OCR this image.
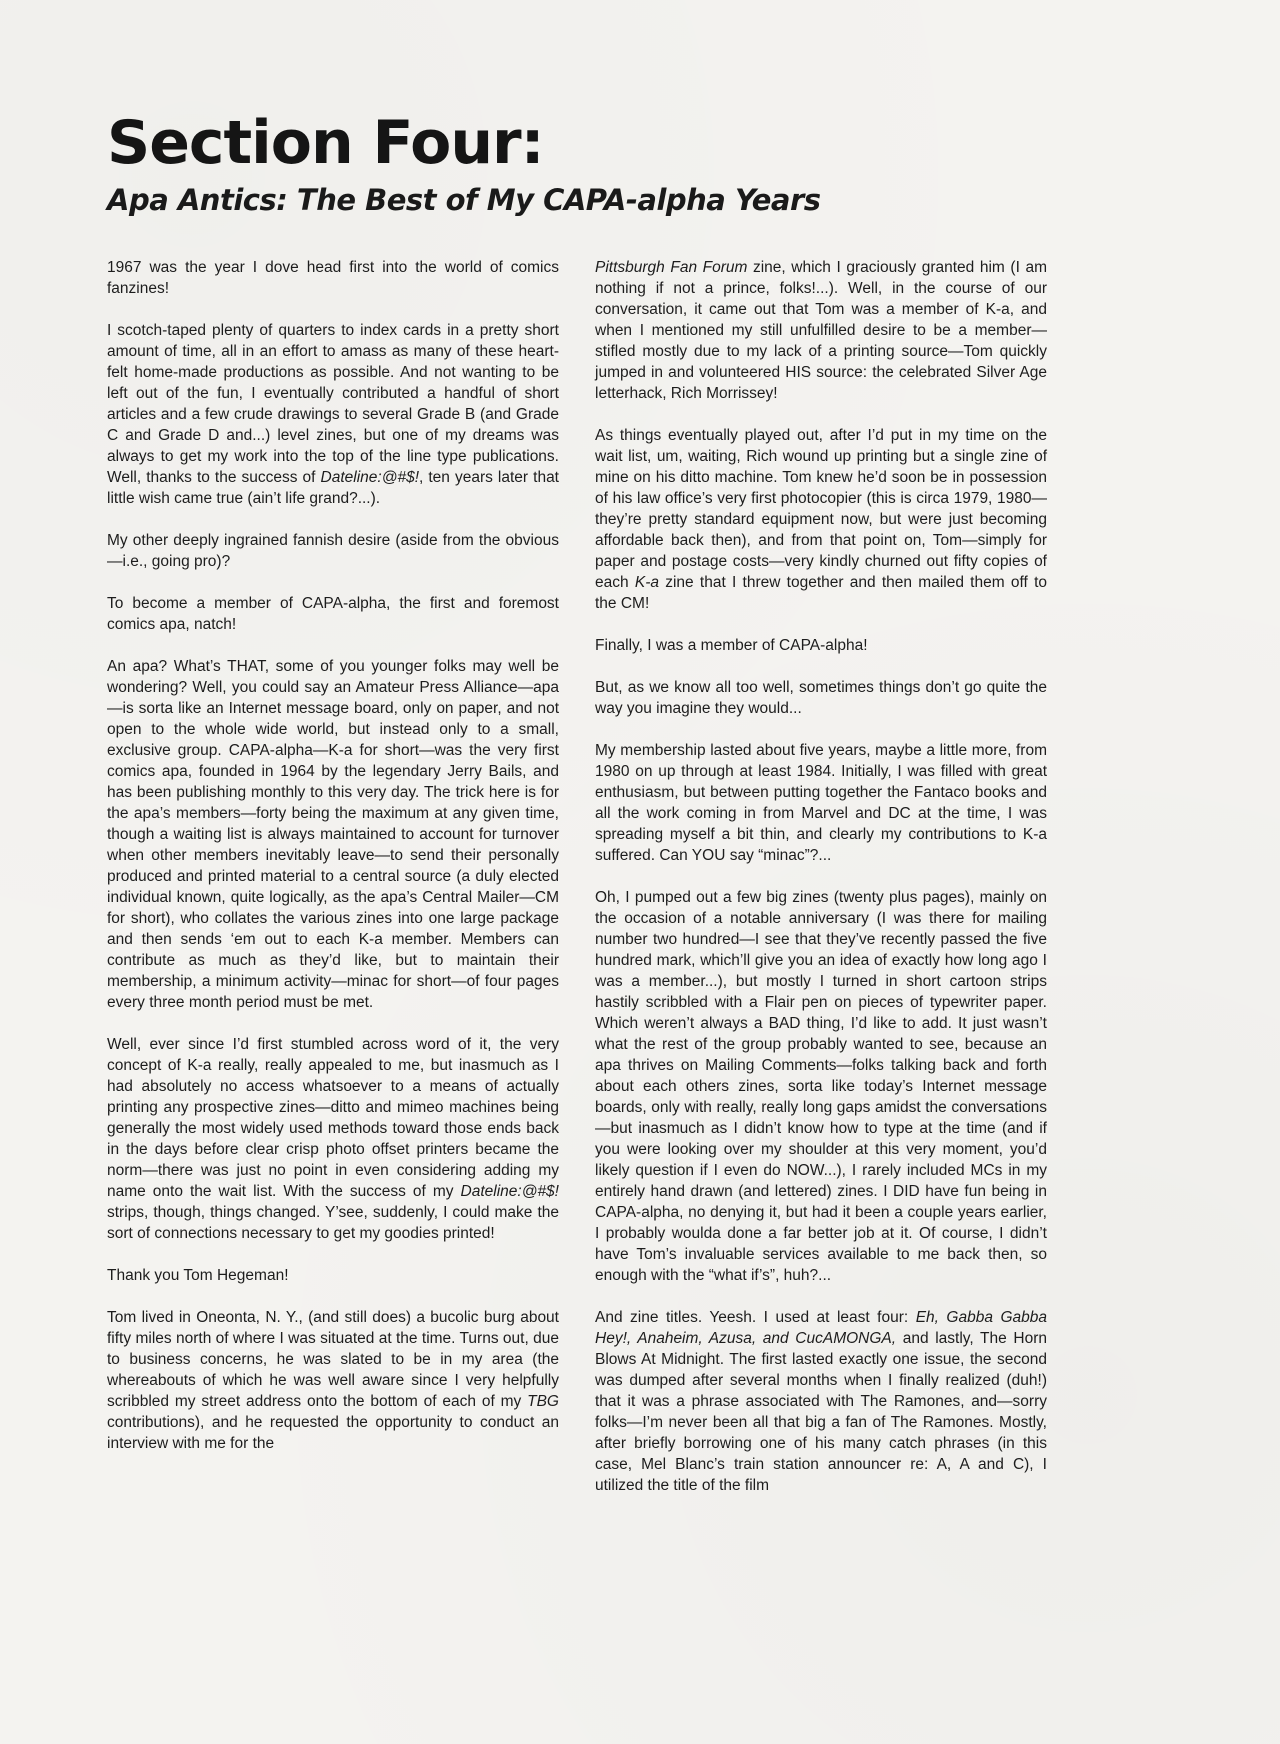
Section Four:
Apa Antics: The Best of My CAPA-alpha Years

1967 was the year I dove head first into the world of comics fanzines!

I scotch-taped plenty of quarters to index cards in a pretty short amount of time, all in an effort to amass as many of these heart-felt home-made productions as possible. And not wanting to be left out of the fun, I eventually contributed a handful of short articles and a few crude drawings to several Grade B (and Grade C and Grade D and...) level zines, but one of my dreams was always to get my work into the top of the line type publications. Well, thanks to the success of Dateline:@#$!, ten years later that little wish came true (ain’t life grand?...).

My other deeply ingrained fannish desire (aside from the obvious—i.e., going pro)?

To become a member of CAPA-alpha, the first and foremost comics apa, natch!

An apa? What’s THAT, some of you younger folks may well be wondering? Well, you could say an Amateur Press Alliance—apa—is sorta like an Internet message board, only on paper, and not open to the whole wide world, but instead only to a small, exclusive group. CAPA-alpha—K-a for short—was the very first comics apa, founded in 1964 by the legendary Jerry Bails, and has been publishing monthly to this very day. The trick here is for the apa’s members—forty being the maximum at any given time, though a waiting list is always maintained to account for turnover when other members inevitably leave—to send their personally produced and printed material to a central source (a duly elected individual known, quite logically, as the apa’s Central Mailer—CM for short), who collates the various zines into one large package and then sends ‘em out to each K-a member. Members can contribute as much as they’d like, but to maintain their membership, a minimum activity—minac for short—of four pages every three month period must be met.

Well, ever since I’d first stumbled across word of it, the very concept of K-a really, really appealed to me, but inasmuch as I had absolutely no access whatsoever to a means of actually printing any prospective zines—ditto and mimeo machines being generally the most widely used methods toward those ends back in the days before clear crisp photo offset printers became the norm—there was just no point in even considering adding my name onto the wait list. With the success of my Dateline:@#$! strips, though, things changed. Y’see, suddenly, I could make the sort of connections necessary to get my goodies printed!

Thank you Tom Hegeman!

Tom lived in Oneonta, N. Y., (and still does) a bucolic burg about fifty miles north of where I was situated at the time. Turns out, due to business concerns, he was slated to be in my area (the whereabouts of which he was well aware since I very helpfully scribbled my street address onto the bottom of each of my TBG contributions), and he requested the opportunity to conduct an interview with me for the

Pittsburgh Fan Forum zine, which I graciously granted him (I am nothing if not a prince, folks!...). Well, in the course of our conversation, it came out that Tom was a member of K-a, and when I mentioned my still unfulfilled desire to be a member—stifled mostly due to my lack of a printing source—Tom quickly jumped in and volunteered HIS source: the celebrated Silver Age letterhack, Rich Morrissey!

As things eventually played out, after I’d put in my time on the wait list, um, waiting, Rich wound up printing but a single zine of mine on his ditto machine. Tom knew he’d soon be in possession of his law office’s very first photocopier (this is circa 1979, 1980—they’re pretty standard equipment now, but were just becoming affordable back then), and from that point on, Tom—simply for paper and postage costs—very kindly churned out fifty copies of each K-a zine that I threw together and then mailed them off to the CM!

Finally, I was a member of CAPA-alpha!

But, as we know all too well, sometimes things don’t go quite the way you imagine they would...

My membership lasted about five years, maybe a little more, from 1980 on up through at least 1984. Initially, I was filled with great enthusiasm, but between putting together the Fantaco books and all the work coming in from Marvel and DC at the time, I was spreading myself a bit thin, and clearly my contributions to K-a suffered. Can YOU say “minac”?...

Oh, I pumped out a few big zines (twenty plus pages), mainly on the occasion of a notable anniversary (I was there for mailing number two hundred—I see that they’ve recently passed the five hundred mark, which’ll give you an idea of exactly how long ago I was a member...), but mostly I turned in short cartoon strips hastily scribbled with a Flair pen on pieces of typewriter paper. Which weren’t always a BAD thing, I’d like to add. It just wasn’t what the rest of the group probably wanted to see, because an apa thrives on Mailing Comments—folks talking back and forth about each others zines, sorta like today’s Internet message boards, only with really, really long gaps amidst the conversations—but inasmuch as I didn’t know how to type at the time (and if you were looking over my shoulder at this very moment, you’d likely question if I even do NOW...), I rarely included MCs in my entirely hand drawn (and lettered) zines. I DID have fun being in CAPA-alpha, no denying it, but had it been a couple years earlier, I probably woulda done a far better job at it. Of course, I didn’t have Tom’s invaluable services available to me back then, so enough with the “what if’s”, huh?...

And zine titles. Yeesh. I used at least four: Eh, Gabba Gabba Hey!, Anaheim, Azusa, and CucAMONGA, and lastly, The Horn Blows At Midnight. The first lasted exactly one issue, the second was dumped after several months when I finally realized (duh!) that it was a phrase associated with The Ramones, and—sorry folks—I’m never been all that big a fan of The Ramones. Mostly, after briefly borrowing one of his many catch phrases (in this case, Mel Blanc’s train station announcer re: A, A and C), I utilized the title of the film
